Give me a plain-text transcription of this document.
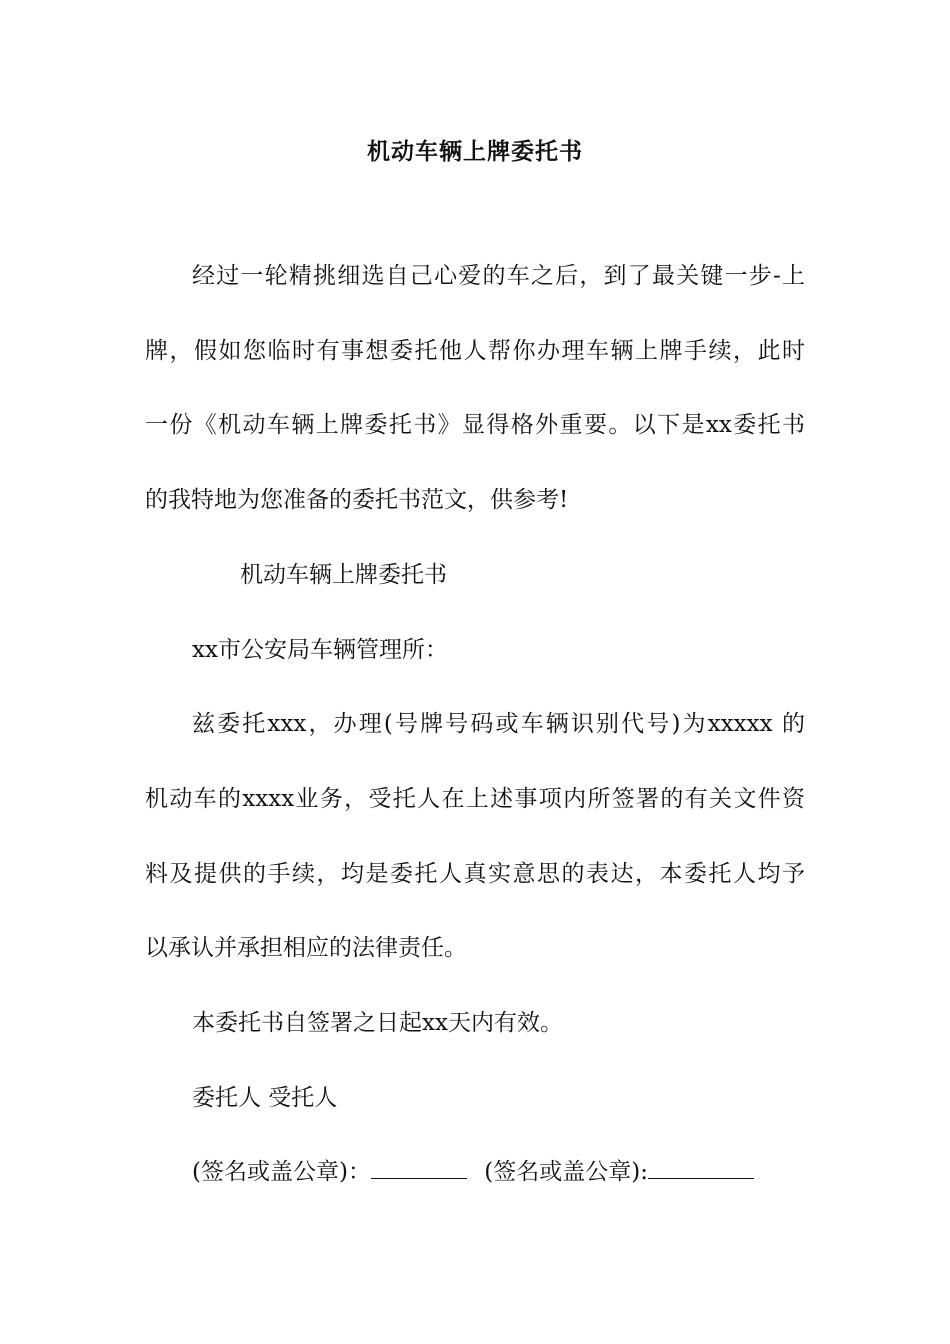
机动车辆上牌委托书
经过一轮精挑细选自己心爱的车之后，到了最关键一步-上
牌，假如您临时有事想委托他人帮你办理车辆上牌手续，此时
一份《机动车辆上牌委托书》显得格外重要。以下是xx委托书
的我特地为您准备的委托书范文，供参考!
机动车辆上牌委托书
xx市公安局车辆管理所：
兹委托xxx，办理(号牌号码或车辆识别代号)为xxxxx 的
机动车的xxxx业务，受托人在上述事项内所签署的有关文件资
料及提供的手续，均是委托人真实意思的表达，本委托人均予
以承认并承担相应的法律责任。
本委托书自签署之日起xx天内有效。
委托人 受托人
(签名或盖公章)：	(签名或盖公章):
